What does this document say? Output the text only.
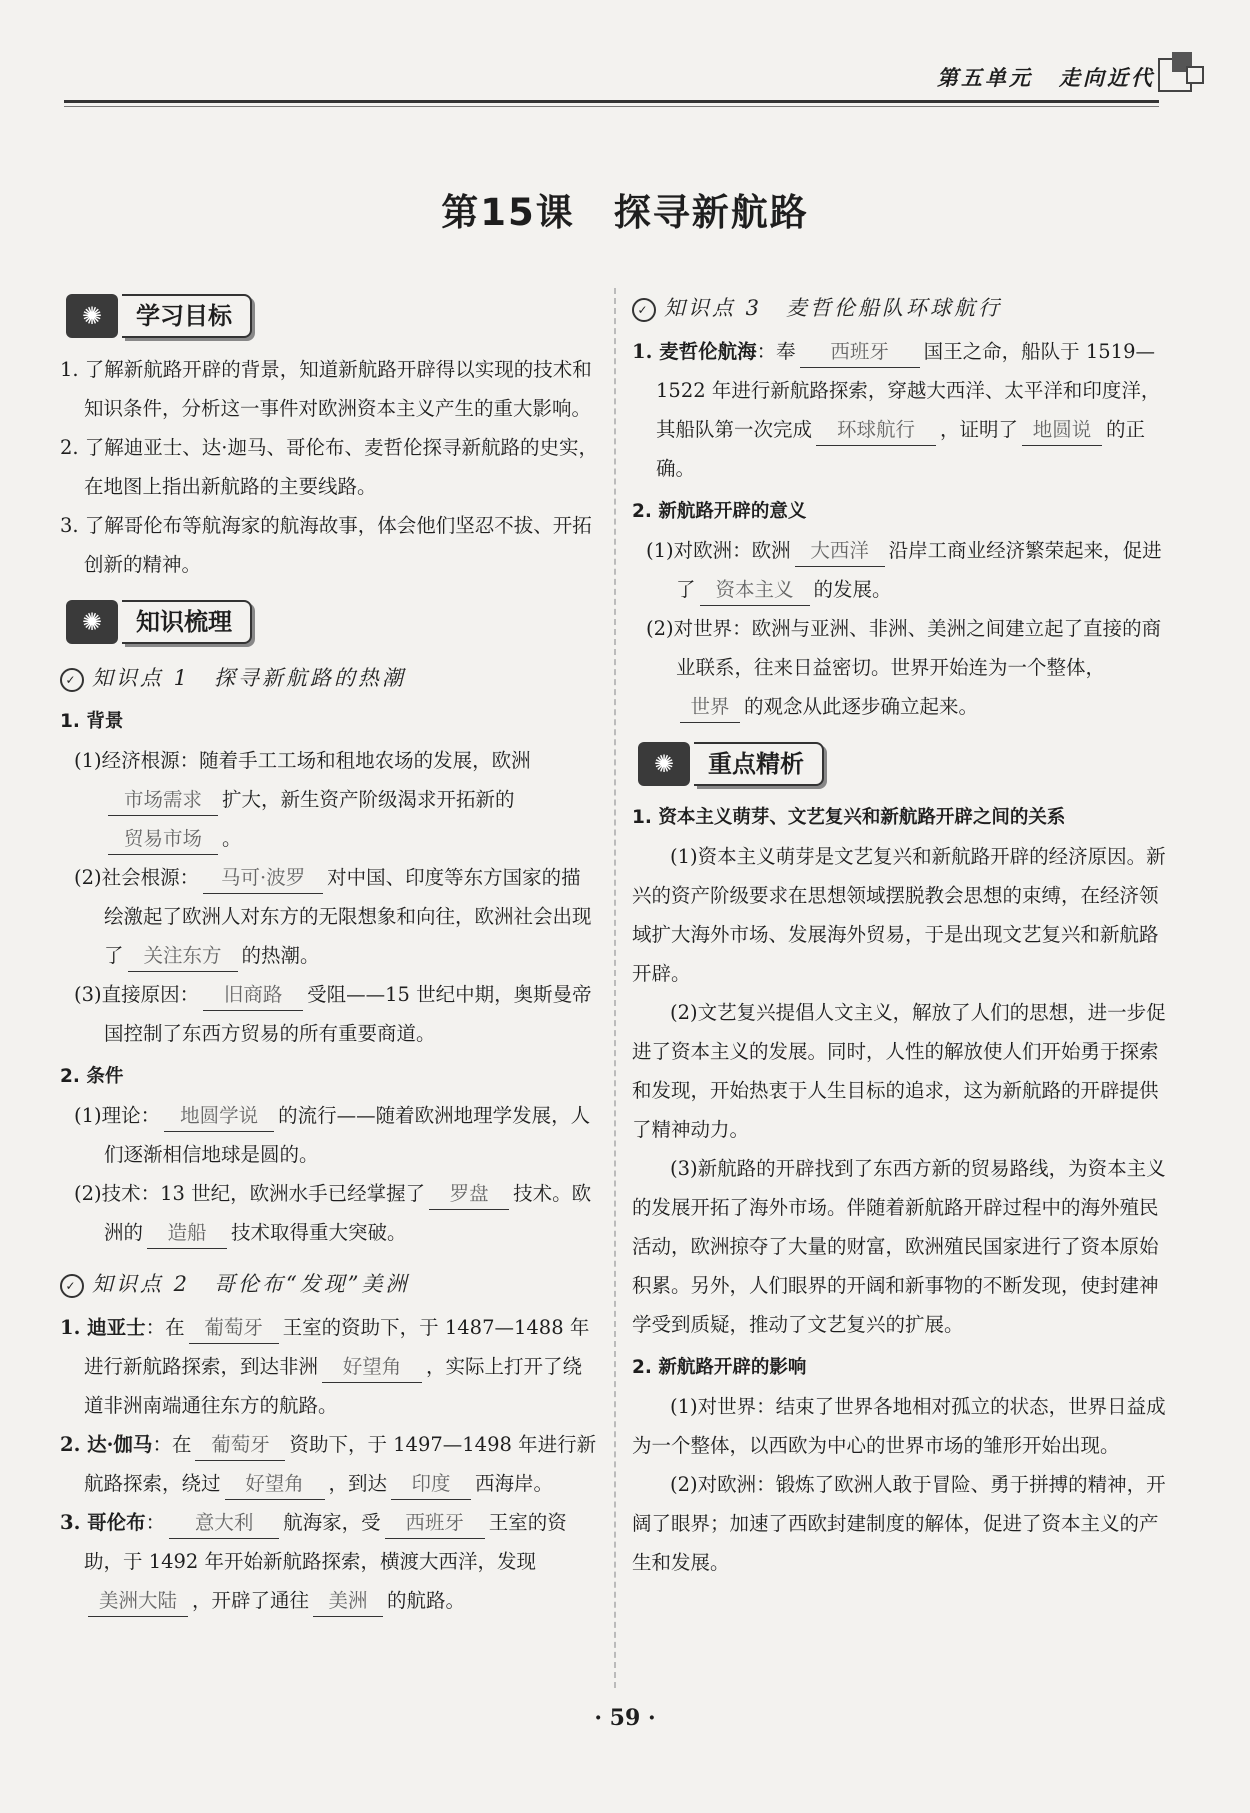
第五单元 走向近代
第15课　探寻新航路
✺	学习目标
1. 了解新航路开辟的背景，知道新航路开辟得以实现的技术和知识条件，分析这一事件对欧洲资本主义产生的重大影响。
2. 了解迪亚士、达·迦马、哥伦布、麦哲伦探寻新航路的史实，在地图上指出新航路的主要线路。
3. 了解哥伦布等航海家的航海故事，体会他们坚忍不拔、开拓创新的精神。
✺	知识梳理
✓ 知识点 1　探寻新航路的热潮
1. 背景
(1)经济根源：随着手工工场和租地农场的发展，欧洲市场需求 扩大，新生资产阶级渴求开拓新的贸易市场 。
(2)社会根源： 马可·波罗 对中国、印度等东方国家的描绘激起了欧洲人对东方的无限想象和向往，欧洲社会出现了 关注东方 的热潮。
(3)直接原因： 旧商路 受阻——15 世纪中期，奥斯曼帝国控制了东西方贸易的所有重要商道。
2. 条件
(1)理论： 地圆学说 的流行——随着欧洲地理学发展，人们逐渐相信地球是圆的。
(2)技术：13 世纪，欧洲水手已经掌握了 罗盘 技术。欧洲的 造船 技术取得重大突破。
✓ 知识点 2　哥伦布“发现”美洲
1. 迪亚士：在 葡萄牙 王室的资助下，于 1487—1488 年进行新航路探索，到达非洲 好望角 ，实际上打开了绕道非洲南端通往东方的航路。
2. 达·伽马：在 葡萄牙 资助下，于 1497—1498 年进行新航路探索，绕过 好望角 ，到达 印度 西海岸。
3. 哥伦布： 意大利 航海家，受 西班牙 王室的资助，于 1492 年开始新航路探索，横渡大西洋，发现美洲大陆 ，开辟了通往 美洲 的航路。
✓ 知识点 3　麦哲伦船队环球航行
1. 麦哲伦航海：奉 西班牙 国王之命，船队于 1519—1522 年进行新航路探索，穿越大西洋、太平洋和印度洋，其船队第一次完成 环球航行 ，证明了 地圆说 的正确。
2. 新航路开辟的意义
(1)对欧洲：欧洲 大西洋 沿岸工商业经济繁荣起来，促进了 资本主义 的发展。
(2)对世界：欧洲与亚洲、非洲、美洲之间建立起了直接的商业联系，往来日益密切。世界开始连为一个整体，世界 的观念从此逐步确立起来。
✺	重点精析
1. 资本主义萌芽、文艺复兴和新航路开辟之间的关系
(1)资本主义萌芽是文艺复兴和新航路开辟的经济原因。新兴的资产阶级要求在思想领域摆脱教会思想的束缚，在经济领域扩大海外市场、发展海外贸易，于是出现文艺复兴和新航路开辟。
(2)文艺复兴提倡人文主义，解放了人们的思想，进一步促进了资本主义的发展。同时，人性的解放使人们开始勇于探索和发现，开始热衷于人生目标的追求，这为新航路的开辟提供了精神动力。
(3)新航路的开辟找到了东西方新的贸易路线，为资本主义的发展开拓了海外市场。伴随着新航路开辟过程中的海外殖民活动，欧洲掠夺了大量的财富，欧洲殖民国家进行了资本原始积累。另外，人们眼界的开阔和新事物的不断发现，使封建神学受到质疑，推动了文艺复兴的扩展。
2. 新航路开辟的影响
(1)对世界：结束了世界各地相对孤立的状态，世界日益成为一个整体，以西欧为中心的世界市场的雏形开始出现。
(2)对欧洲：锻炼了欧洲人敢于冒险、勇于拼搏的精神，开阔了眼界；加速了西欧封建制度的解体，促进了资本主义的产生和发展。
· 59 ·
